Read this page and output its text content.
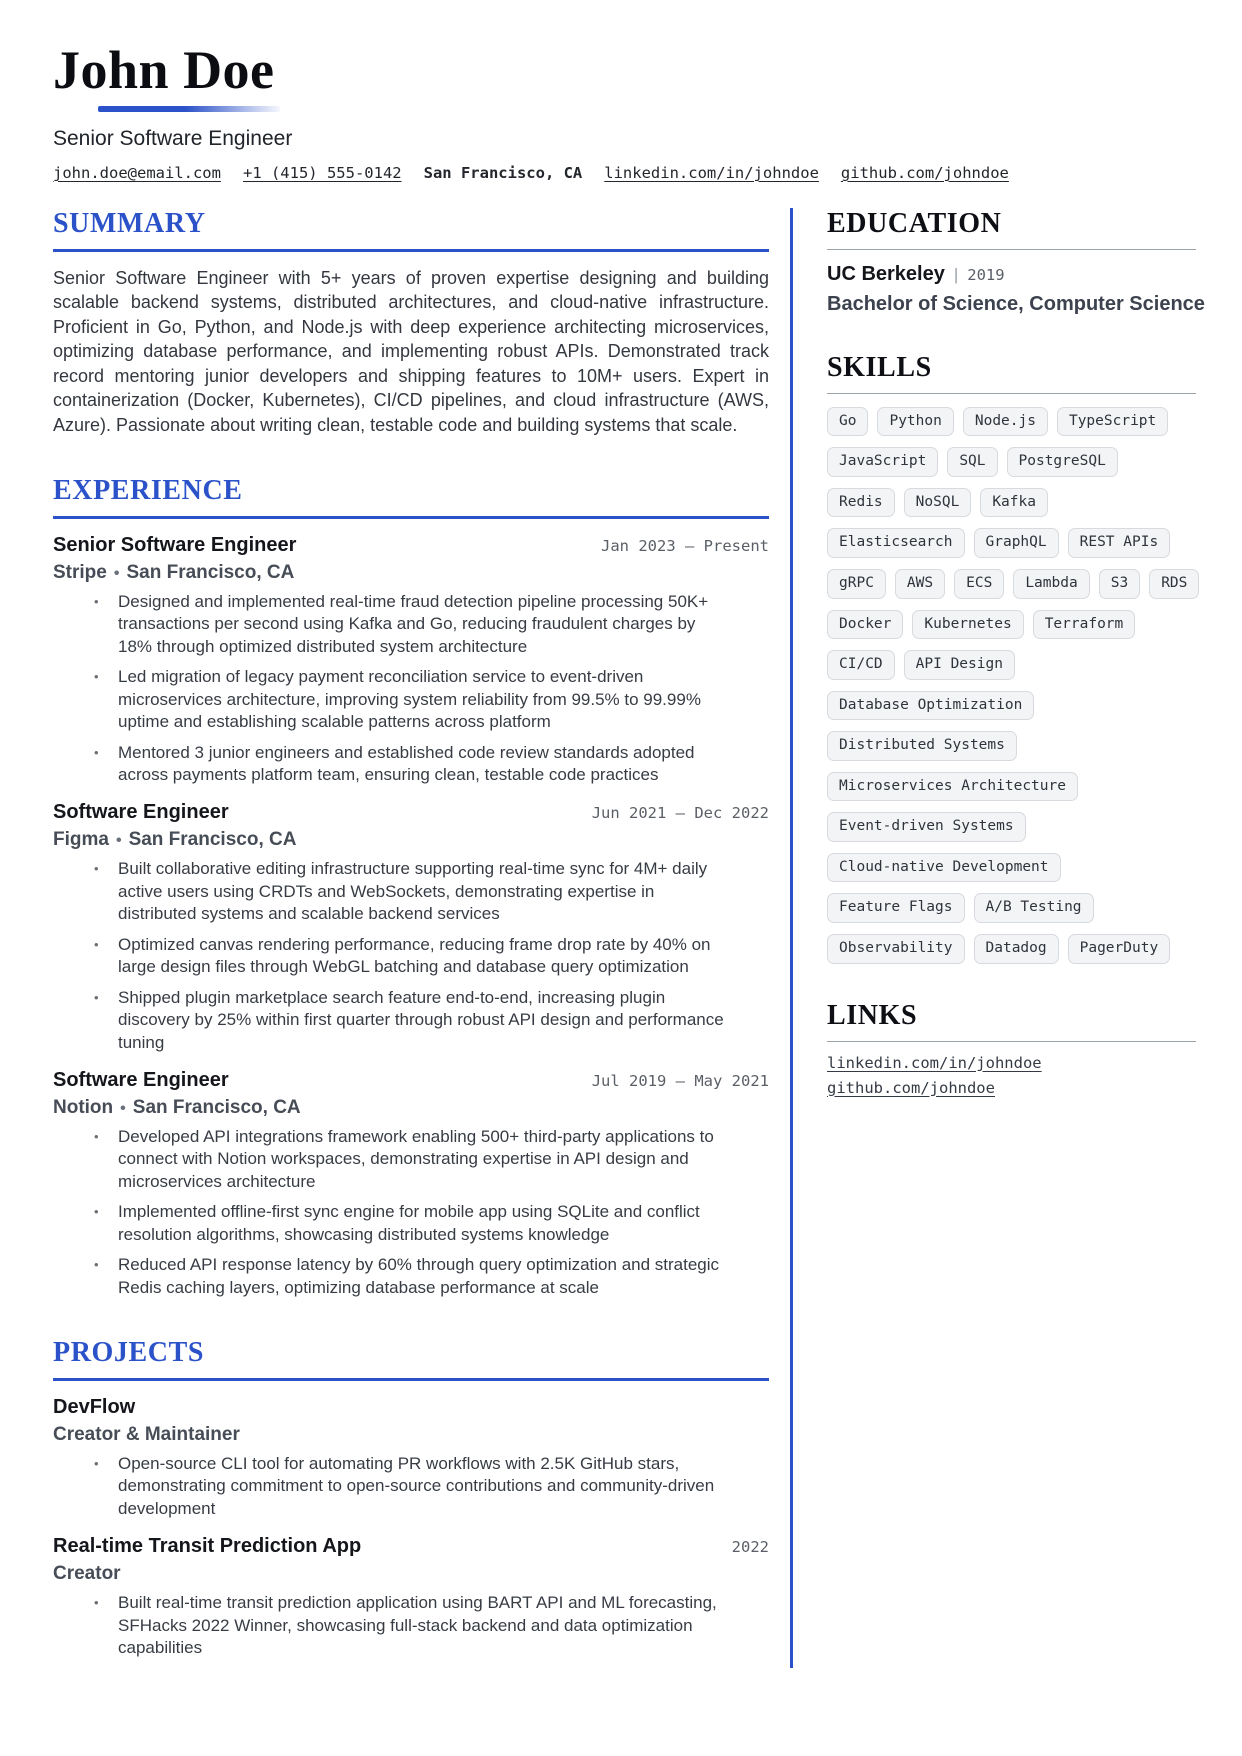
John Doe
Senior Software Engineer
john.doe@email.com +1 (415) 555-0142 San Francisco, CA linkedin.com/in/johndoe github.com/johndoe
SUMMARY

Senior Software Engineer with 5+ years of proven expertise designing and building scalable backend systems, distributed architectures, and cloud-native infrastructure. Proficient in Go, Python, and Node.js with deep experience architecting microservices, optimizing database performance, and implementing robust APIs. Demonstrated track record mentoring junior developers and shipping features to 10M+ users. Expert in containerization (Docker, Kubernetes), CI/CD pipelines, and cloud infrastructure (AWS, Azure). Passionate about writing clean, testable code and building systems that scale.

EXPERIENCE
Senior Software Engineer	Jan 2023 – Present
Stripe • San Francisco, CA
•	Designed and implemented real-time fraud detection pipeline processing 50K+ transactions per second using Kafka and Go, reducing fraudulent charges by 18% through optimized distributed system architecture
•	Led migration of legacy payment reconciliation service to event-driven microservices architecture, improving system reliability from 99.5% to 99.99% uptime and establishing scalable patterns across platform
•	Mentored 3 junior engineers and established code review standards adopted across payments platform team, ensuring clean, testable code practices
Software Engineer	Jun 2021 – Dec 2022
Figma • San Francisco, CA
•	Built collaborative editing infrastructure supporting real-time sync for 4M+ daily active users using CRDTs and WebSockets, demonstrating expertise in distributed systems and scalable backend services
•	Optimized canvas rendering performance, reducing frame drop rate by 40% on large design files through WebGL batching and database query optimization
•	Shipped plugin marketplace search feature end-to-end, increasing plugin discovery by 25% within first quarter through robust API design and performance tuning
Software Engineer	Jul 2019 – May 2021
Notion • San Francisco, CA
•	Developed API integrations framework enabling 500+ third-party applications to connect with Notion workspaces, demonstrating expertise in API design and microservices architecture
•	Implemented offline-first sync engine for mobile app using SQLite and conflict resolution algorithms, showcasing distributed systems knowledge
•	Reduced API response latency by 60% through query optimization and strategic Redis caching layers, optimizing database performance at scale
PROJECTS
DevFlow
Creator & Maintainer
•	Open-source CLI tool for automating PR workflows with 2.5K GitHub stars, demonstrating commitment to open-source contributions and community-driven development
Real-time Transit Prediction App	2022
Creator
•	Built real-time transit prediction application using BART API and ML forecasting, SFHacks 2022 Winner, showcasing full-stack backend and data optimization capabilities
EDUCATION
UC Berkeley | 2019
Bachelor of Science, Computer Science
SKILLS
Go	Python	Node.js	TypeScript
JavaScript	SQL	PostgreSQL
Redis	NoSQL	Kafka
Elasticsearch	GraphQL	REST APIs
gRPC	AWS	ECS	Lambda	S3	RDS
Docker	Kubernetes	Terraform
CI/CD	API Design
Database Optimization
Distributed Systems
Microservices Architecture
Event-driven Systems
Cloud-native Development
Feature Flags	A/B Testing
Observability	Datadog	PagerDuty
LINKS
linkedin.com/in/johndoe
github.com/johndoe
